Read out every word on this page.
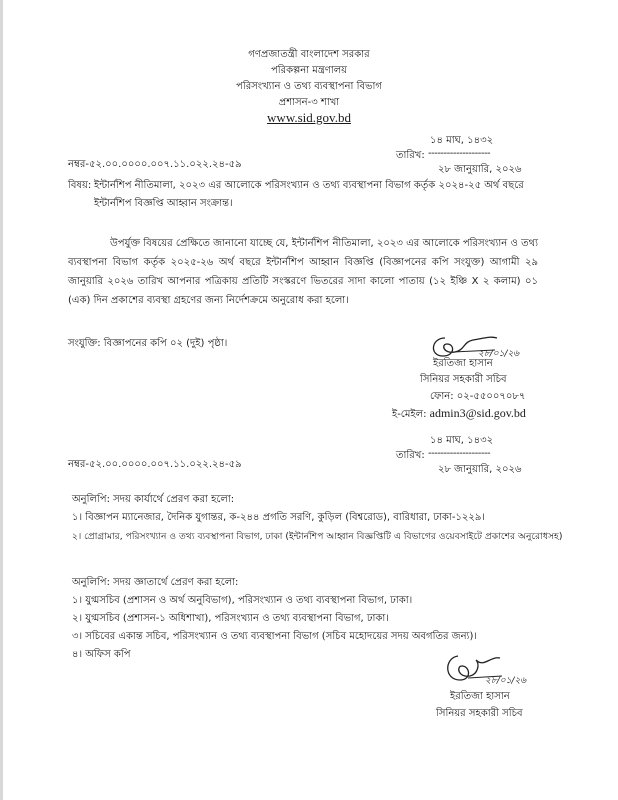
গণপ্রজাতন্ত্রী বাংলাদেশ সরকার
পরিকল্পনা মন্ত্রণালয়
পরিসংখ্যান ও তথ্য ব্যবস্থাপনা বিভাগ
প্রশাসন-৩ শাখা
www.sid.gov.bd
নম্বর-৫২.০০.০০০০.০০৭.১১.০২২.২৪-৫৯
১৪ মাঘ, ১৪৩২
তারিখ: --------------------
২৮ জানুয়ারি, ২০২৬
বিষয়: ইন্টার্নশিপ নীতিমালা, ২০২৩ এর আলোকে পরিসংখ্যান ও তথ্য ব্যবস্থাপনা বিভাগ কর্তৃক ২০২৪-২৫ অর্থ বছরে
ইন্টার্নশিপ বিজ্ঞপ্তি আহ্বান সংক্রান্ত।
উপর্যুক্ত বিষয়ের প্রেক্ষিতে জানানো যাচ্ছে যে, ইন্টার্নশিপ নীতিমালা, ২০২৩ এর আলোকে পরিসংখ্যান ও তথ্য ব্যবস্থাপনা বিভাগ কর্তৃক ২০২৫-২৬ অর্থ বছরে ইন্টার্নশিপ আহ্বান বিজ্ঞপ্তি (বিজ্ঞাপনের কপি সংযুক্ত) আগামী ২৯ জানুয়ারি ২০২৬ তারিখ আপনার পত্রিকায় প্রতিটি সংস্করণে ভিতরের সাদা কালো পাতায় (১২ ইঞ্চি X ২ কলাম) ০১ (এক) দিন প্রকাশের ব্যবস্থা গ্রহণের জন্য নির্দেশক্রমে অনুরোধ করা হলো।
সংযুক্তি: বিজ্ঞাপনের কপি ০২ (দুই) পৃষ্ঠা।
২৮/০১/২৬
ইরতিজা হাসান
সিনিয়র সহকারী সচিব
ফোন: ০২-৫৫০০৭০৮৭
ই-মেইল: admin3@sid.gov.bd
নম্বর-৫২.০০.০০০০.০০৭.১১.০২২.২৪-৫৯
১৪ মাঘ, ১৪৩২
তারিখ: --------------------
২৮ জানুয়ারি, ২০২৬
অনুলিপি: সদয় কার্যার্থে প্রেরণ করা হলো:
১। বিজ্ঞাপন ম্যানেজার, দৈনিক যুগান্তর, ক-২৪৪ প্রগতি সরণি, কুড়িল (বিশ্বরোড), বারিধারা, ঢাকা-১২২৯।
২। প্রোগ্রামার, পরিসংখ্যান ও তথ্য ব্যবস্থাপনা বিভাগ, ঢাকা (ইন্টার্নশিপ আহ্বান বিজ্ঞপ্তিটি এ বিভাগের ওয়েবসাইটে প্রকাশের অনুরোধসহ)
অনুলিপি: সদয় জ্ঞাতার্থে প্রেরণ করা হলো:
১। যুগ্মসচিব (প্রশাসন ও অর্থ অনুবিভাগ), পরিসংখ্যান ও তথ্য ব্যবস্থাপনা বিভাগ, ঢাকা।
২। যুগ্মসচিব (প্রশাসন-১ অধিশাখা), পরিসংখ্যান ও তথ্য ব্যবস্থাপনা বিভাগ, ঢাকা।
৩। সচিবের একান্ত সচিব, পরিসংখ্যান ও তথ্য ব্যবস্থাপনা বিভাগ (সচিব মহোদয়ের সদয় অবগতির জন্য)।
৪। অফিস কপি
২৮/০১/২৬
ইরতিজা হাসান
সিনিয়র সহকারী সচিব
